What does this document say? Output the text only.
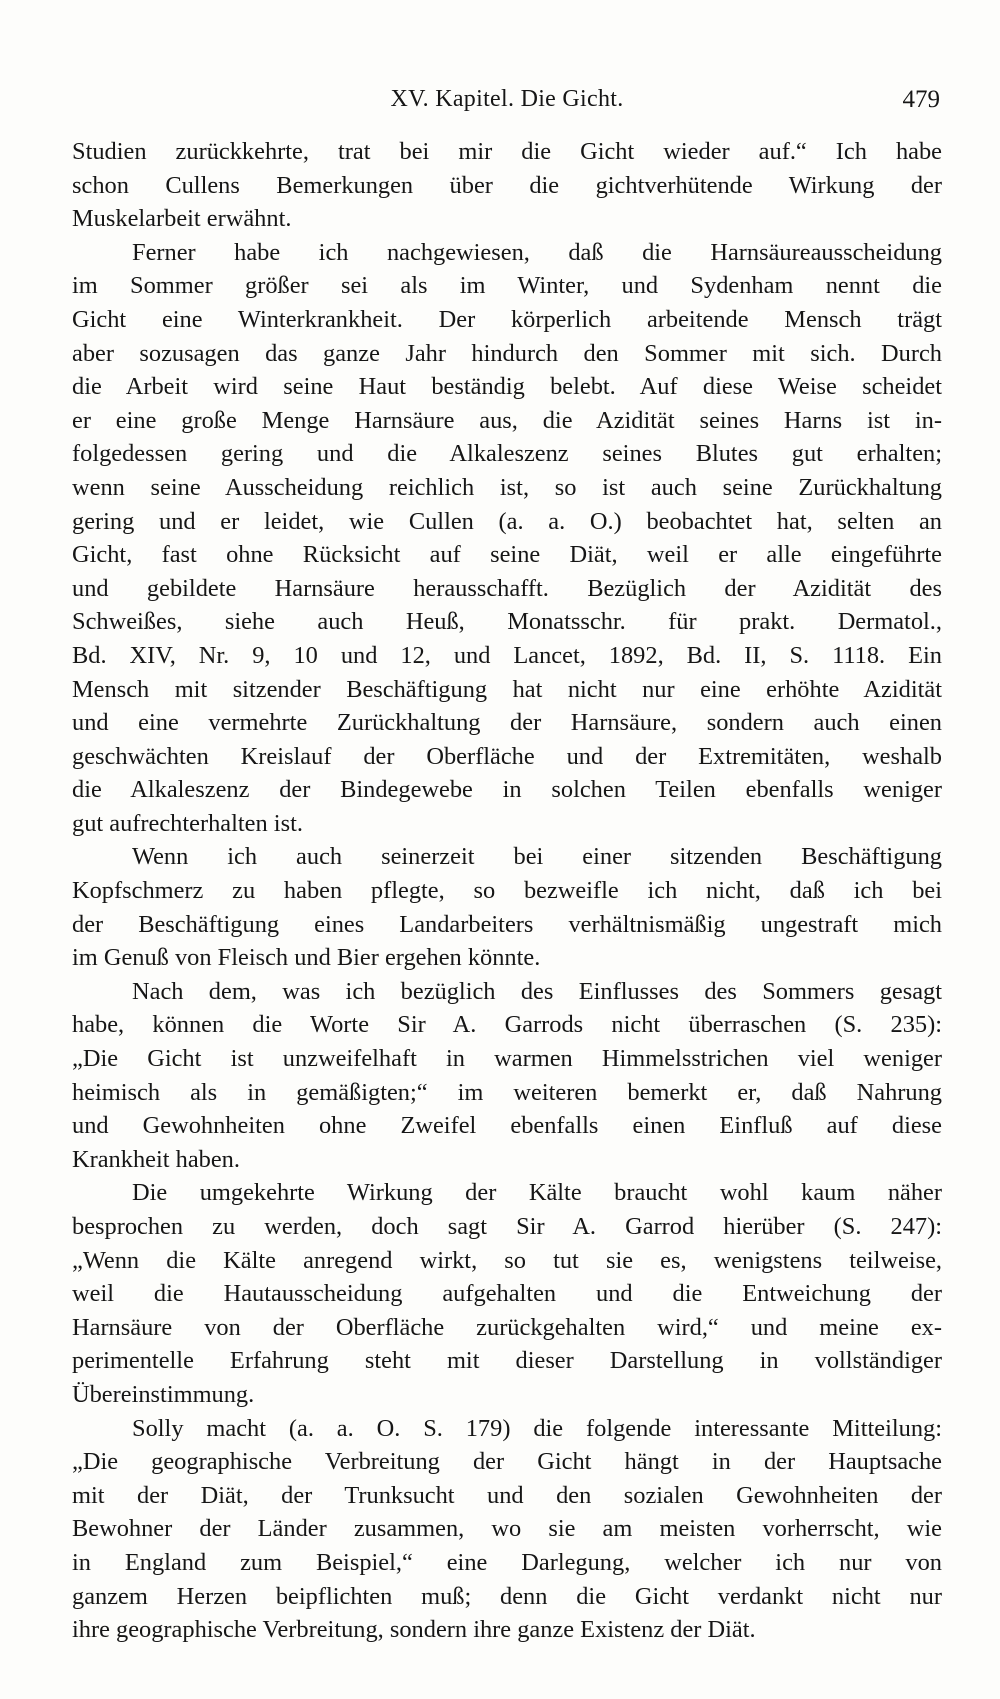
XV. Kapitel. Die Gicht.	479
Studien zurückkehrte, trat bei mir die Gicht wieder auf.“ Ich habe
schon Cullens Bemerkungen über die gichtverhütende Wirkung der
Muskelarbeit erwähnt.
Ferner habe ich nachgewiesen, daß die Harnsäureausscheidung
im Sommer größer sei als im Winter, und Sydenham nennt die
Gicht eine Winterkrankheit. Der körperlich arbeitende Mensch trägt
aber sozusagen das ganze Jahr hindurch den Sommer mit sich. Durch
die Arbeit wird seine Haut beständig belebt. Auf diese Weise scheidet
er eine große Menge Harnsäure aus, die Azidität seines Harns ist in-
folgedessen gering und die Alkaleszenz seines Blutes gut erhalten;
wenn seine Ausscheidung reichlich ist, so ist auch seine Zurückhaltung
gering und er leidet, wie Cullen (a. a. O.) beobachtet hat, selten an
Gicht, fast ohne Rücksicht auf seine Diät, weil er alle eingeführte
und gebildete Harnsäure herausschafft. Bezüglich der Azidität des
Schweißes, siehe auch Heuß, Monatsschr. für prakt. Dermatol.,
Bd. XIV, Nr. 9, 10 und 12, und Lancet, 1892, Bd. II, S. 1118. Ein
Mensch mit sitzender Beschäftigung hat nicht nur eine erhöhte Azidität
und eine vermehrte Zurückhaltung der Harnsäure, sondern auch einen
geschwächten Kreislauf der Oberfläche und der Extremitäten, weshalb
die Alkaleszenz der Bindegewebe in solchen Teilen ebenfalls weniger
gut aufrechterhalten ist.
Wenn ich auch seinerzeit bei einer sitzenden Beschäftigung
Kopfschmerz zu haben pflegte, so bezweifle ich nicht, daß ich bei
der Beschäftigung eines Landarbeiters verhältnismäßig ungestraft mich
im Genuß von Fleisch und Bier ergehen könnte.
Nach dem, was ich bezüglich des Einflusses des Sommers gesagt
habe, können die Worte Sir A. Garrods nicht überraschen (S. 235):
„Die Gicht ist unzweifelhaft in warmen Himmelsstrichen viel weniger
heimisch als in gemäßigten;“ im weiteren bemerkt er, daß Nahrung
und Gewohnheiten ohne Zweifel ebenfalls einen Einfluß auf diese
Krankheit haben.
Die umgekehrte Wirkung der Kälte braucht wohl kaum näher
besprochen zu werden, doch sagt Sir A. Garrod hierüber (S. 247):
„Wenn die Kälte anregend wirkt, so tut sie es, wenigstens teilweise,
weil die Hautausscheidung aufgehalten und die Entweichung der
Harnsäure von der Oberfläche zurückgehalten wird,“ und meine ex-
perimentelle Erfahrung steht mit dieser Darstellung in vollständiger
Übereinstimmung.
Solly macht (a. a. O. S. 179) die folgende interessante Mitteilung:
„Die geographische Verbreitung der Gicht hängt in der Hauptsache
mit der Diät, der Trunksucht und den sozialen Gewohnheiten der
Bewohner der Länder zusammen, wo sie am meisten vorherrscht, wie
in England zum Beispiel,“ eine Darlegung, welcher ich nur von
ganzem Herzen beipflichten muß; denn die Gicht verdankt nicht nur
ihre geographische Verbreitung, sondern ihre ganze Existenz der Diät.
